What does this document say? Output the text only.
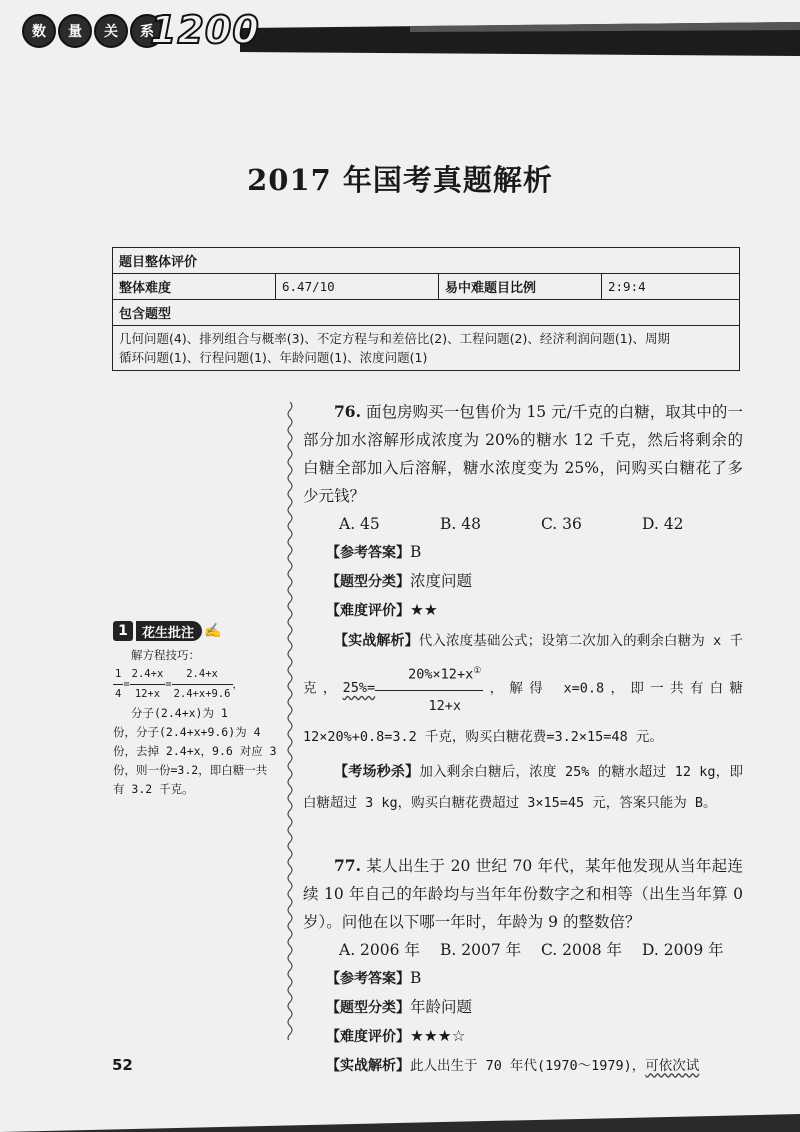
数	量	关	系
1200
2017 年国考真题解析
题目整体评价
整体难度	6.47/10	易中难题目比例	2:9:4
包含题型

几何问题(4)、排列组合与概率(3)、不定方程与和差倍比(2)、工程问题(2)、经济利润问题(1)、周期
循环问题(1)、行程问题(1)、年龄问题(1)、浓度问题(1)
1	花生批注 ✍
解方程技巧：
$\frac{1}{4} = \frac{2.4+x}{12+x} = \frac{2.4+x}{2.4+x+9.6}$ ，
分子(2.4+x)为 1
份，分子(2.4+x+9.6)为 4 份，去掉 2.4+x，9.6 对应 3 份，则一份=3.2，即白糖一共有 3.2 千克。
76. 面包房购买一包售价为 15 元/千克的白糖，取其中的一部分加水溶解形成浓度为 20%的糖水 12 千克，然后将剩余的白糖全部加入后溶解，糖水浓度变为 25%，问购买白糖花了多少元钱？
A. 45	B. 48	C. 36	D. 42
【参考答案】B
【题型分类】浓度问题
【难度评价】★★
【实战解析】代入浓度基础公式；设第二次加入的剩余白糖为 x 千克，$25\%= \frac{20\%\times 12+x^①}{12+x}$ ，解得 x=0.8，即一共有白糖 12×20%+0.8=3.2 千克，购买白糖花费=3.2×15=48 元。
【考场秒杀】加入剩余白糖后，浓度 25% 的糖水超过 12 kg，即白糖超过 3 kg，购买白糖花费超过 3×15=45 元，答案只能为 B。
77. 某人出生于 20 世纪 70 年代，某年他发现从当年起连续 10 年自己的年龄均与当年年份数字之和相等（出生当年算 0 岁）。问他在以下哪一年时，年龄为 9 的整数倍？
A. 2006 年	B. 2007 年	C. 2008 年	D. 2009 年
【参考答案】B
【题型分类】年龄问题
【难度评价】★★★☆
【实战解析】此人出生于 70 年代(1970～1979)，可依次试
52
